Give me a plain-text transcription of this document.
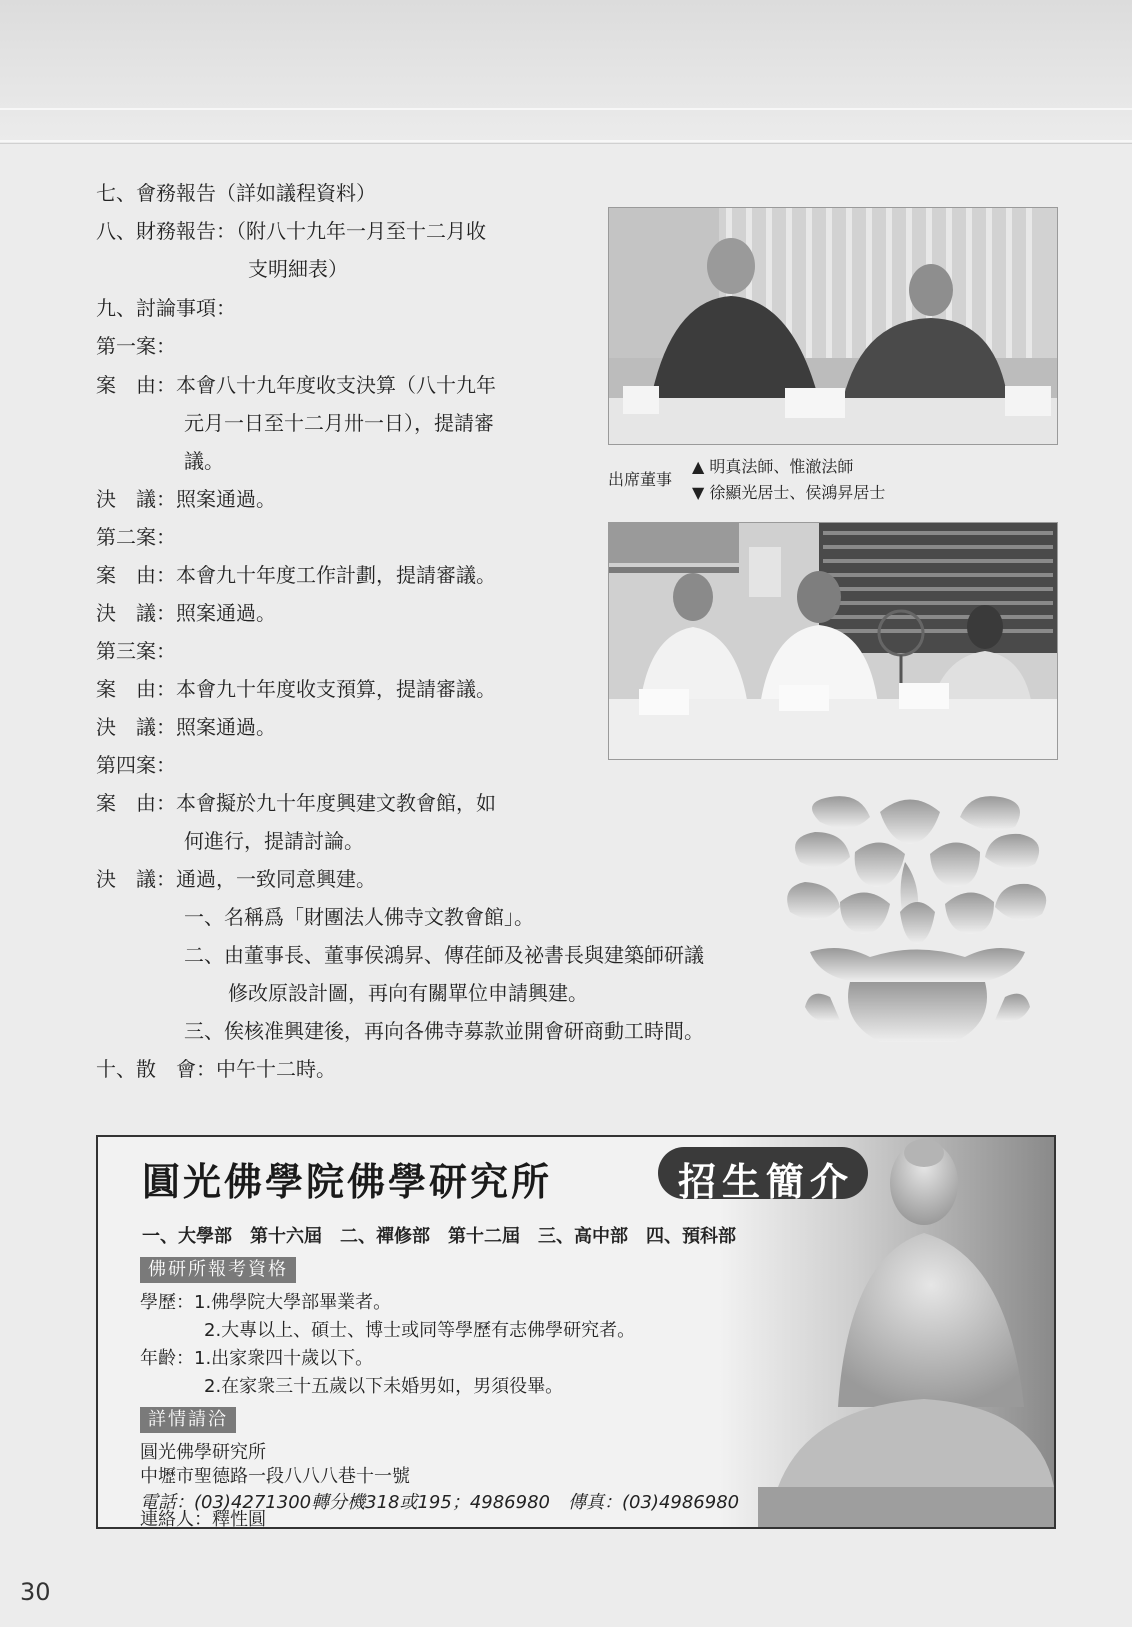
七、會務報告（詳如議程資料）
八、財務報告：（附八十九年一月至十二月收
支明細表）
九、討論事項：
第一案：
案　由：本會八十九年度收支決算（八十九年
元月一日至十二月卅一日），提請審
議。
決　議：照案通過。
第二案：
案　由：本會九十年度工作計劃，提請審議。
決　議：照案通過。
第三案：
案　由：本會九十年度收支預算，提請審議。
決　議：照案通過。
第四案：
案　由：本會擬於九十年度興建文教會館，如
何進行，提請討論。
決　議：通過，一致同意興建。
一、名稱爲「財團法人佛寺文教會館」。
二、由董事長、董事侯鴻昇、傳荏師及祕書長與建築師研議
修改原設計圖，再向有關單位申請興建。
三、俟核准興建後，再向各佛寺募款並開會研商動工時間。
十、散　會：中午十二時。
出席董事
▲ 明真法師、惟澈法師
▼ 徐顯光居士、侯鴻昇居士
圓光佛學院佛學研究所	招生簡介
一、大學部　第十六屆　二、禪修部　第十二屆　三、高中部　四、預科部
佛研所報考資格
學歷：1.佛學院大學部畢業者。
2.大專以上、碩士、博士或同等學歷有志佛學研究者。
年齡：1.出家衆四十歲以下。
2.在家衆三十五歲以下未婚男如，男須役畢。
詳情請洽
圓光佛學研究所
中壢市聖德路一段八八八巷十一號
電話：(03)4271300轉分機318或195；4986980　傳真：(03)4986980
連絡人：釋性圓
30
